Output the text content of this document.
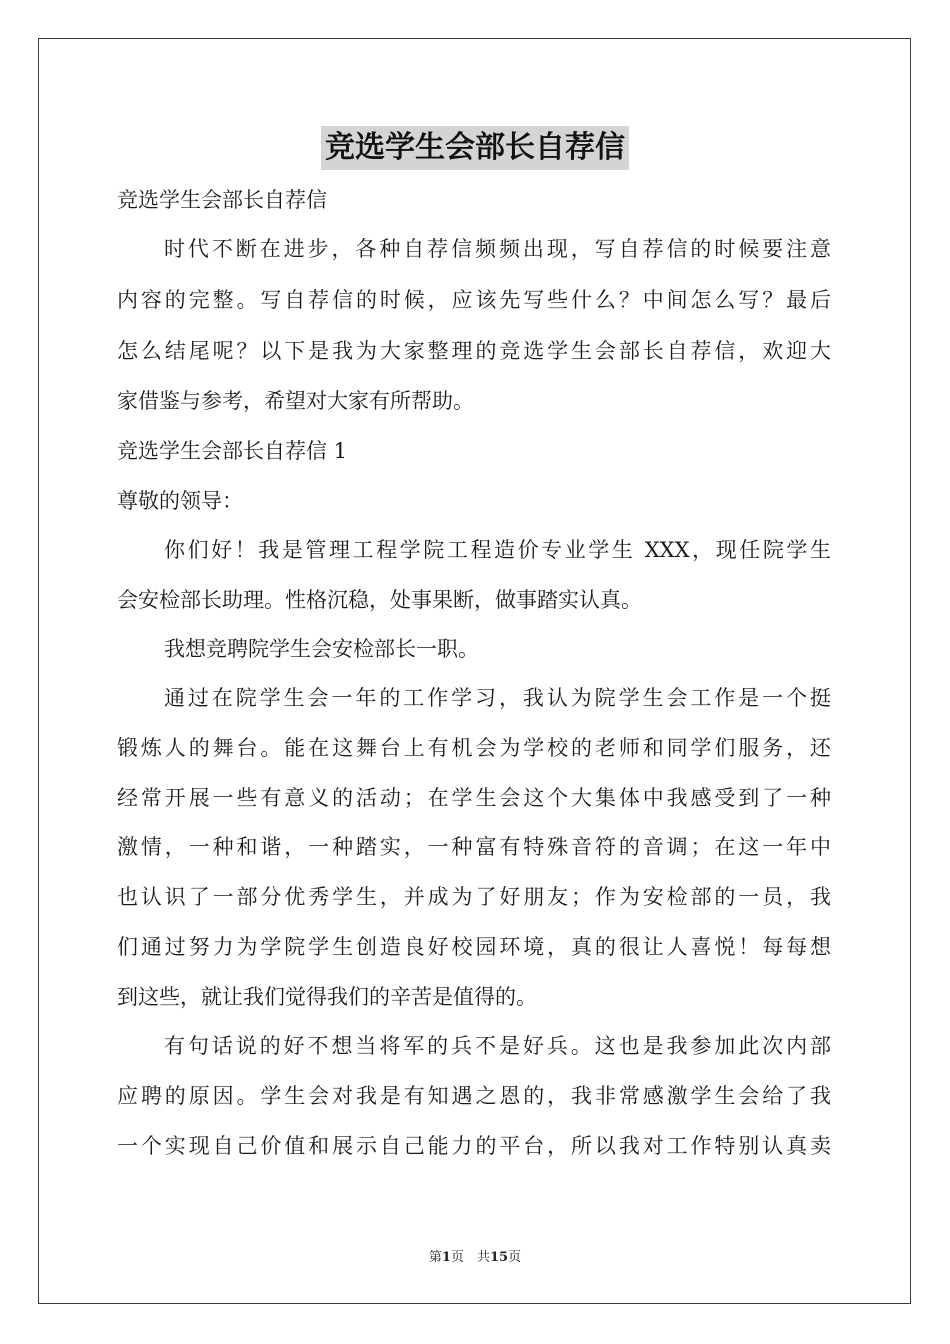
竞选学生会部长自荐信
竞选学生会部长自荐信
时代不断在进步，各种自荐信频频出现，写自荐信的时候要注意
内容的完整。写自荐信的时候，应该先写些什么？中间怎么写？最后
怎么结尾呢？以下是我为大家整理的竞选学生会部长自荐信，欢迎大
家借鉴与参考，希望对大家有所帮助。
竞选学生会部长自荐信 1
尊敬的领导：
你们好！我是管理工程学院工程造价专业学生 XXX，现任院学生
会安检部长助理。性格沉稳，处事果断，做事踏实认真。
我想竞聘院学生会安检部长一职。
通过在院学生会一年的工作学习，我认为院学生会工作是一个挺
锻炼人的舞台。能在这舞台上有机会为学校的老师和同学们服务，还
经常开展一些有意义的活动；在学生会这个大集体中我感受到了一种
激情，一种和谐，一种踏实，一种富有特殊音符的音调；在这一年中
也认识了一部分优秀学生，并成为了好朋友；作为安检部的一员，我
们通过努力为学院学生创造良好校园环境，真的很让人喜悦！每每想
到这些，就让我们觉得我们的辛苦是值得的。
有句话说的好不想当将军的兵不是好兵。这也是我参加此次内部
应聘的原因。学生会对我是有知遇之恩的，我非常感激学生会给了我
一个实现自己价值和展示自己能力的平台，所以我对工作特别认真卖
第1页　共15页
